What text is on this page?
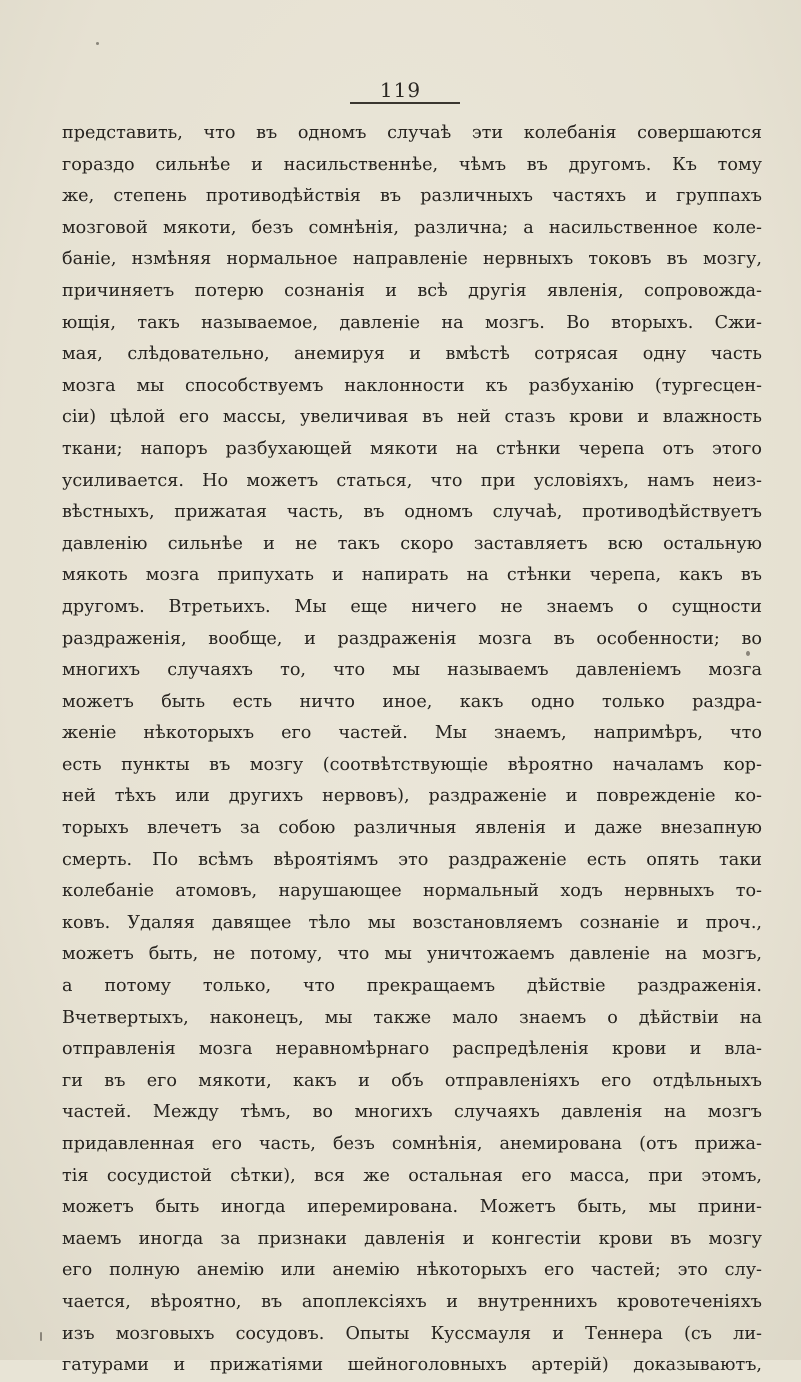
119
представить, что въ одномъ случаѣ эти колебанія совершаются
гораздо сильнѣе и насильственнѣе, чѣмъ въ другомъ. Къ тому
же, степень противодѣйствія въ различныхъ частяхъ и группахъ
мозговой мякоти, безъ сомнѣнія, различна; а насильственное коле-
баніе, нзмѣняя нормальное направленіе нервныхъ токовъ въ мозгу,
причиняетъ потерю сознанія и всѣ другія явленія, сопровожда-
ющія, такъ называемое, давленіе на мозгъ. Во вторыхъ. Сжи-
мая, слѣдовательно, анемируя и вмѣстѣ сотрясая одну часть
мозга мы способствуемъ наклонности къ разбуханію (тургесцен-
сіи) цѣлой его массы, увеличивая въ ней стазъ крови и влажность
ткани; напоръ разбухающей мякоти на стѣнки черепа отъ этого
усиливается. Но можетъ статься, что при условіяхъ, намъ неиз-
вѣстныхъ, прижатая часть, въ одномъ случаѣ, противодѣйствуетъ
давленію сильнѣе и не такъ скоро заставляетъ всю остальную
мякоть мозга припухать и напирать на стѣнки черепа, какъ въ
другомъ. Втретьихъ. Мы еще ничего не знаемъ о сущности
раздраженія, вообще, и раздраженія мозга въ особенности; во
многихъ случаяхъ то, что мы называемъ давленіемъ мозга
можетъ быть есть ничто иное, какъ одно только раздра-
женіе нѣкоторыхъ его частей. Мы знаемъ, напримѣръ, что
есть пункты въ мозгу (соотвѣтствующіе вѣроятно началамъ кор-
ней тѣхъ или другихъ нервовъ), раздраженіе и поврежденіе ко-
торыхъ влечетъ за собою различныя явленія и даже внезапную
смерть. По всѣмъ вѣроятіямъ это раздраженіе есть опять таки
колебаніе атомовъ, нарушающее нормальный ходъ нервныхъ то-
ковъ. Удаляя давящее тѣло мы возстановляемъ сознаніе и проч.,
можетъ быть, не потому, что мы уничтожаемъ давленіе на мозгъ,
а потому только, что прекращаемъ дѣйствіе раздраженія.
Вчетвертыхъ, наконецъ, мы также мало знаемъ о дѣйствіи на
отправленія мозга неравномѣрнаго распредѣленія крови и вла-
ги въ его мякоти, какъ и объ отправленіяхъ его отдѣльныхъ
частей. Между тѣмъ, во многихъ случаяхъ давленія на мозгъ
придавленная его часть, безъ сомнѣнія, анемирована (отъ прижа-
тія сосудистой сѣтки), вся же остальная его масса, при этомъ,
можетъ быть иногда иперемирована. Можетъ быть, мы прини-
маемъ иногда за признаки давленія и конгестіи крови въ мозгу
его полную анемію или анемію нѣкоторыхъ его частей; это слу-
чается, вѣроятно, въ апоплексіяхъ и внутреннихъ кровотеченіяхъ
изъ мозговыхъ сосудовъ. Опыты Куссмауля и Теннера (съ ли-
гатурами и прижатіями шейноголовныхъ артерій) доказываютъ,
